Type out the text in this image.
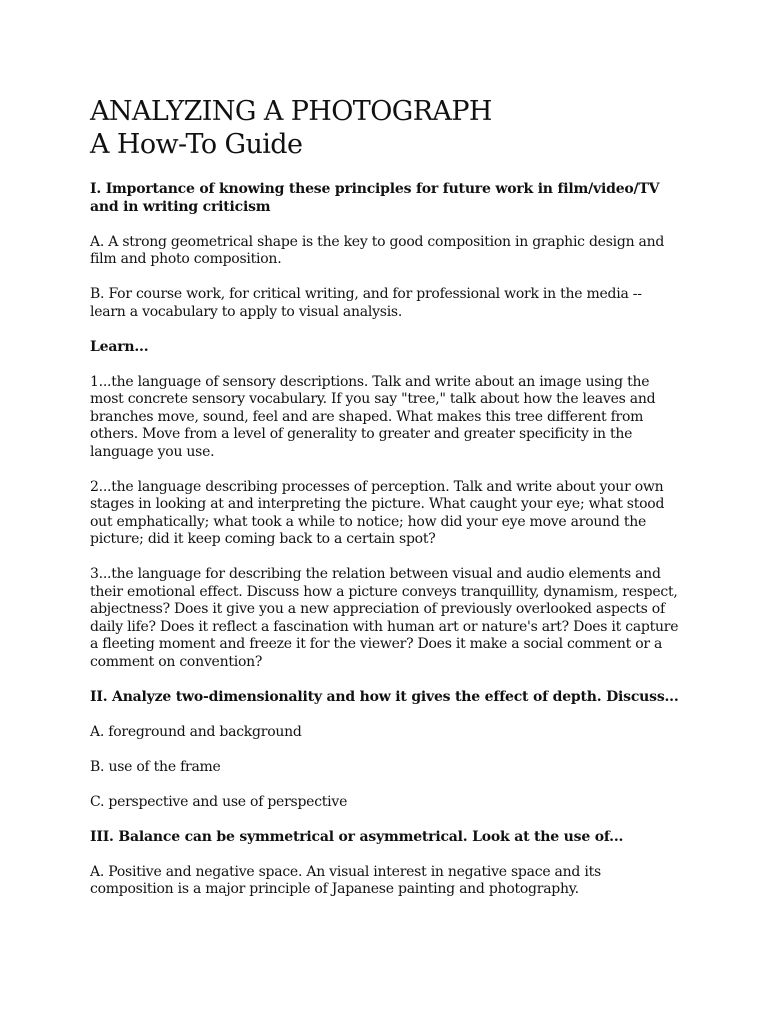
ANALYZING A PHOTOGRAPH
A How-To Guide

I. Importance of knowing these principles for future work in film/video/TV and in writing criticism

A. A strong geometrical shape is the key to good composition in graphic design and film and photo composition.

B. For course work, for critical writing, and for professional work in the media -- learn a vocabulary to apply to visual analysis.

Learn...

1...the language of sensory descriptions. Talk and write about an image using the most concrete sensory vocabulary. If you say "tree," talk about how the leaves and branches move, sound, feel and are shaped. What makes this tree different from others. Move from a level of generality to greater and greater specificity in the language you use.

2...the language describing processes of perception. Talk and write about your own stages in looking at and interpreting the picture. What caught your eye; what stood out emphatically; what took a while to notice; how did your eye move around the picture; did it keep coming back to a certain spot?

3...the language for describing the relation between visual and audio elements and their emotional effect. Discuss how a picture conveys tranquillity, dynamism, respect, abjectness? Does it give you a new appreciation of previously overlooked aspects of daily life? Does it reflect a fascination with human art or nature's art? Does it capture a fleeting moment and freeze it for the viewer? Does it make a social comment or a comment on convention?

II. Analyze two-dimensionality and how it gives the effect of depth. Discuss...

A. foreground and background

B. use of the frame

C. perspective and use of perspective

III. Balance can be symmetrical or asymmetrical. Look at the use of...

A. Positive and negative space. An visual interest in negative space and its composition is a major principle of Japanese painting and photography.
